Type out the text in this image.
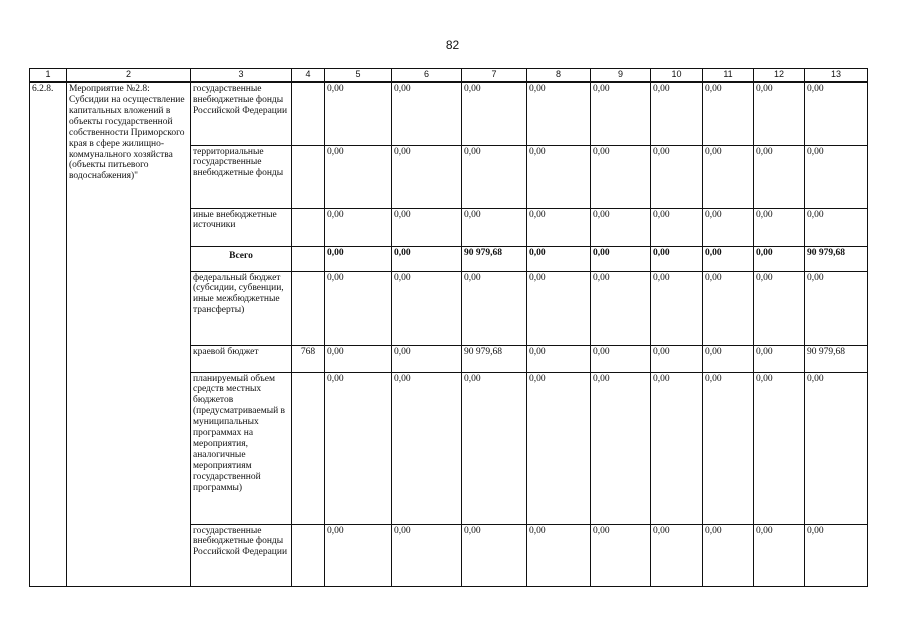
82
1	2	3	4	5	6	7	8	9	10	11	12	13
6.2.8.	Мероприятие №2.8: Субсидии на осуществление капитальных вложений в объекты государственной собственности Приморского края в сфере жилищно-коммунального хозяйства (объекты питьевого водоснабжения)"	государственные внебюджетные фонды Российской Федерации		0,00	0,00	0,00	0,00	0,00	0,00	0,00	0,00	0,00
		территориальные государственные внебюджетные фонды		0,00	0,00	0,00	0,00	0,00	0,00	0,00	0,00	0,00
		иные внебюджетные источники		0,00	0,00	0,00	0,00	0,00	0,00	0,00	0,00	0,00
		Всего		0,00	0,00	90 979,68	0,00	0,00	0,00	0,00	0,00	90 979,68
		федеральный бюджет (субсидии, субвенции, иные межбюджетные трансферты)		0,00	0,00	0,00	0,00	0,00	0,00	0,00	0,00	0,00
		краевой бюджет	768	0,00	0,00	90 979,68	0,00	0,00	0,00	0,00	0,00	90 979,68
		планируемый объем средств местных бюджетов (предусматриваемый в муниципальных программах на мероприятия, аналогичные мероприятиям государственной программы)		0,00	0,00	0,00	0,00	0,00	0,00	0,00	0,00	0,00
		государственные внебюджетные фонды Российской Федерации		0,00	0,00	0,00	0,00	0,00	0,00	0,00	0,00	0,00
